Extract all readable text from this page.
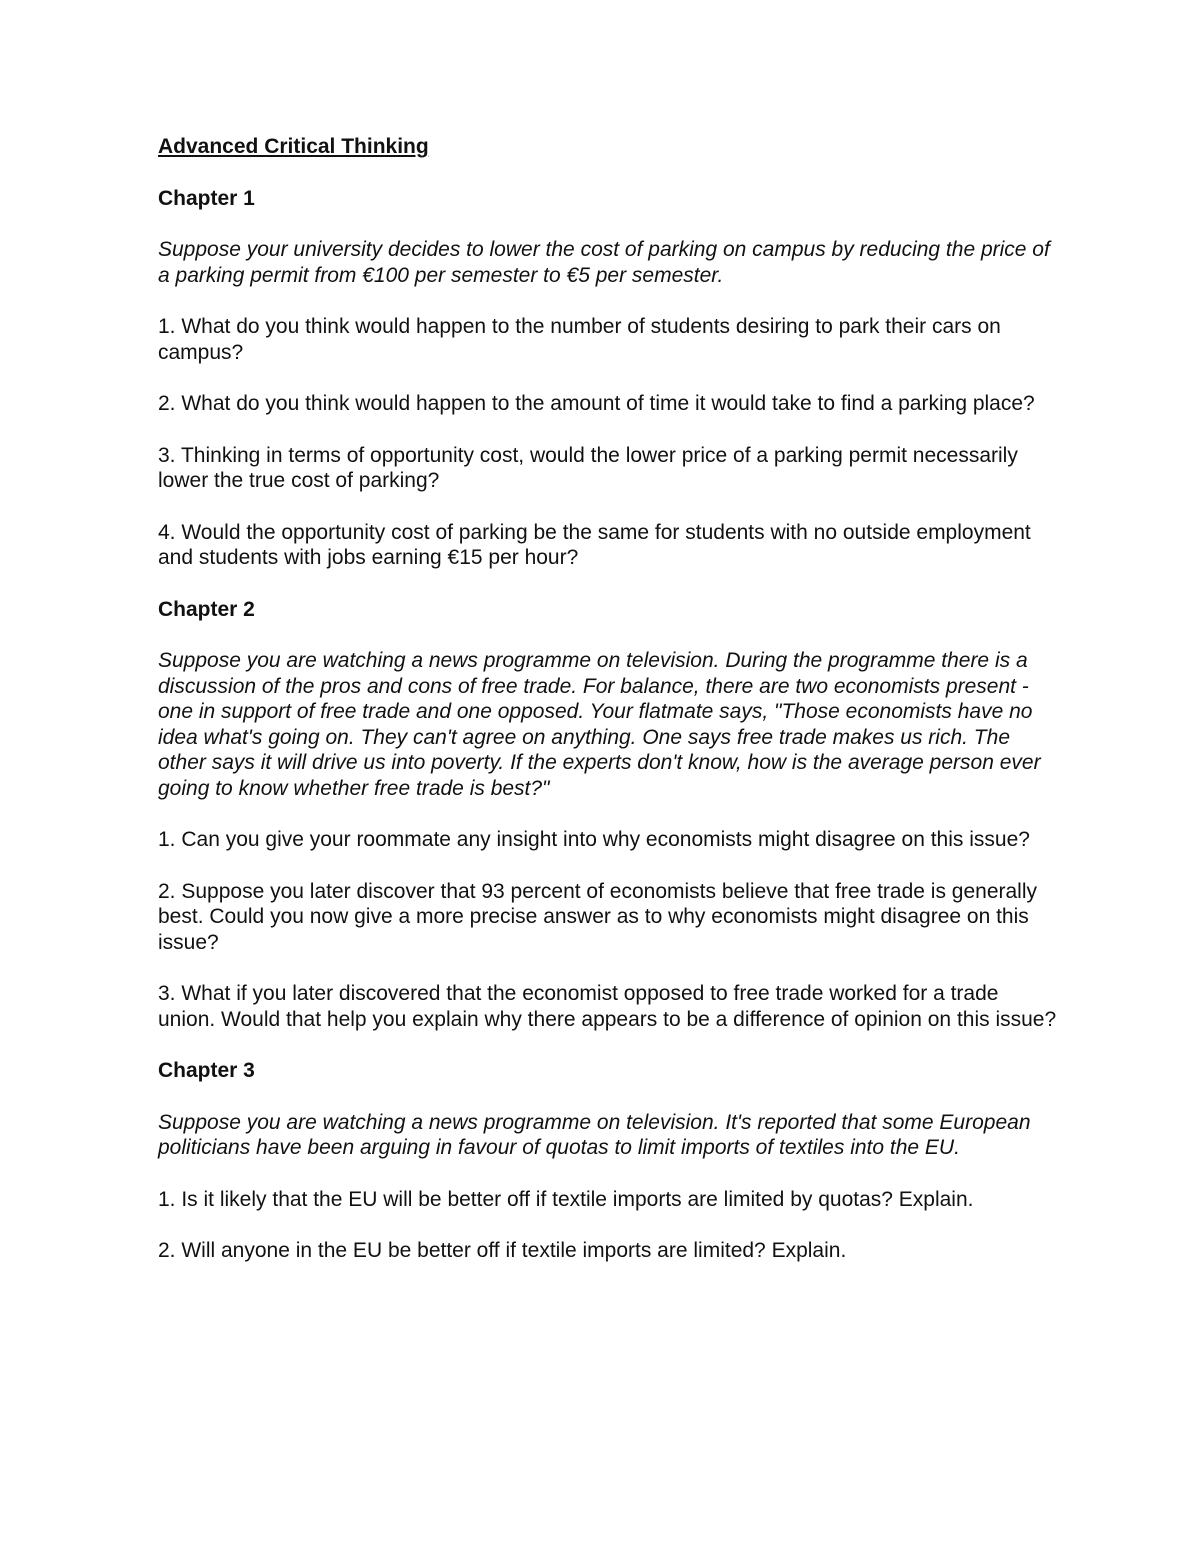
Advanced Critical Thinking
Chapter 1

Suppose your university decides to lower the cost of parking on campus by reducing the price of a parking permit from €100 per semester to €5 per semester.

1. What do you think would happen to the number of students desiring to park their cars on campus?

2. What do you think would happen to the amount of time it would take to find a parking place?

3. Thinking in terms of opportunity cost, would the lower price of a parking permit necessarily lower the true cost of parking?

4. Would the opportunity cost of parking be the same for students with no outside employment and students with jobs earning €15 per hour?

Chapter 2

Suppose you are watching a news programme on television. During the programme there is a discussion of the pros and cons of free trade. For balance, there are two economists present - one in support of free trade and one opposed. Your flatmate says, "Those economists have no idea what's going on. They can't agree on anything. One says free trade makes us rich. The other says it will drive us into poverty. If the experts don't know, how is the average person ever going to know whether free trade is best?"

1. Can you give your roommate any insight into why economists might disagree on this issue?

2. Suppose you later discover that 93 percent of economists believe that free trade is generally best. Could you now give a more precise answer as to why economists might disagree on this issue?

3. What if you later discovered that the economist opposed to free trade worked for a trade union. Would that help you explain why there appears to be a difference of opinion on this issue?

Chapter 3

Suppose you are watching a news programme on television. It's reported that some European politicians have been arguing in favour of quotas to limit imports of textiles into the EU.

1. Is it likely that the EU will be better off if textile imports are limited by quotas? Explain.

2. Will anyone in the EU be better off if textile imports are limited? Explain.
